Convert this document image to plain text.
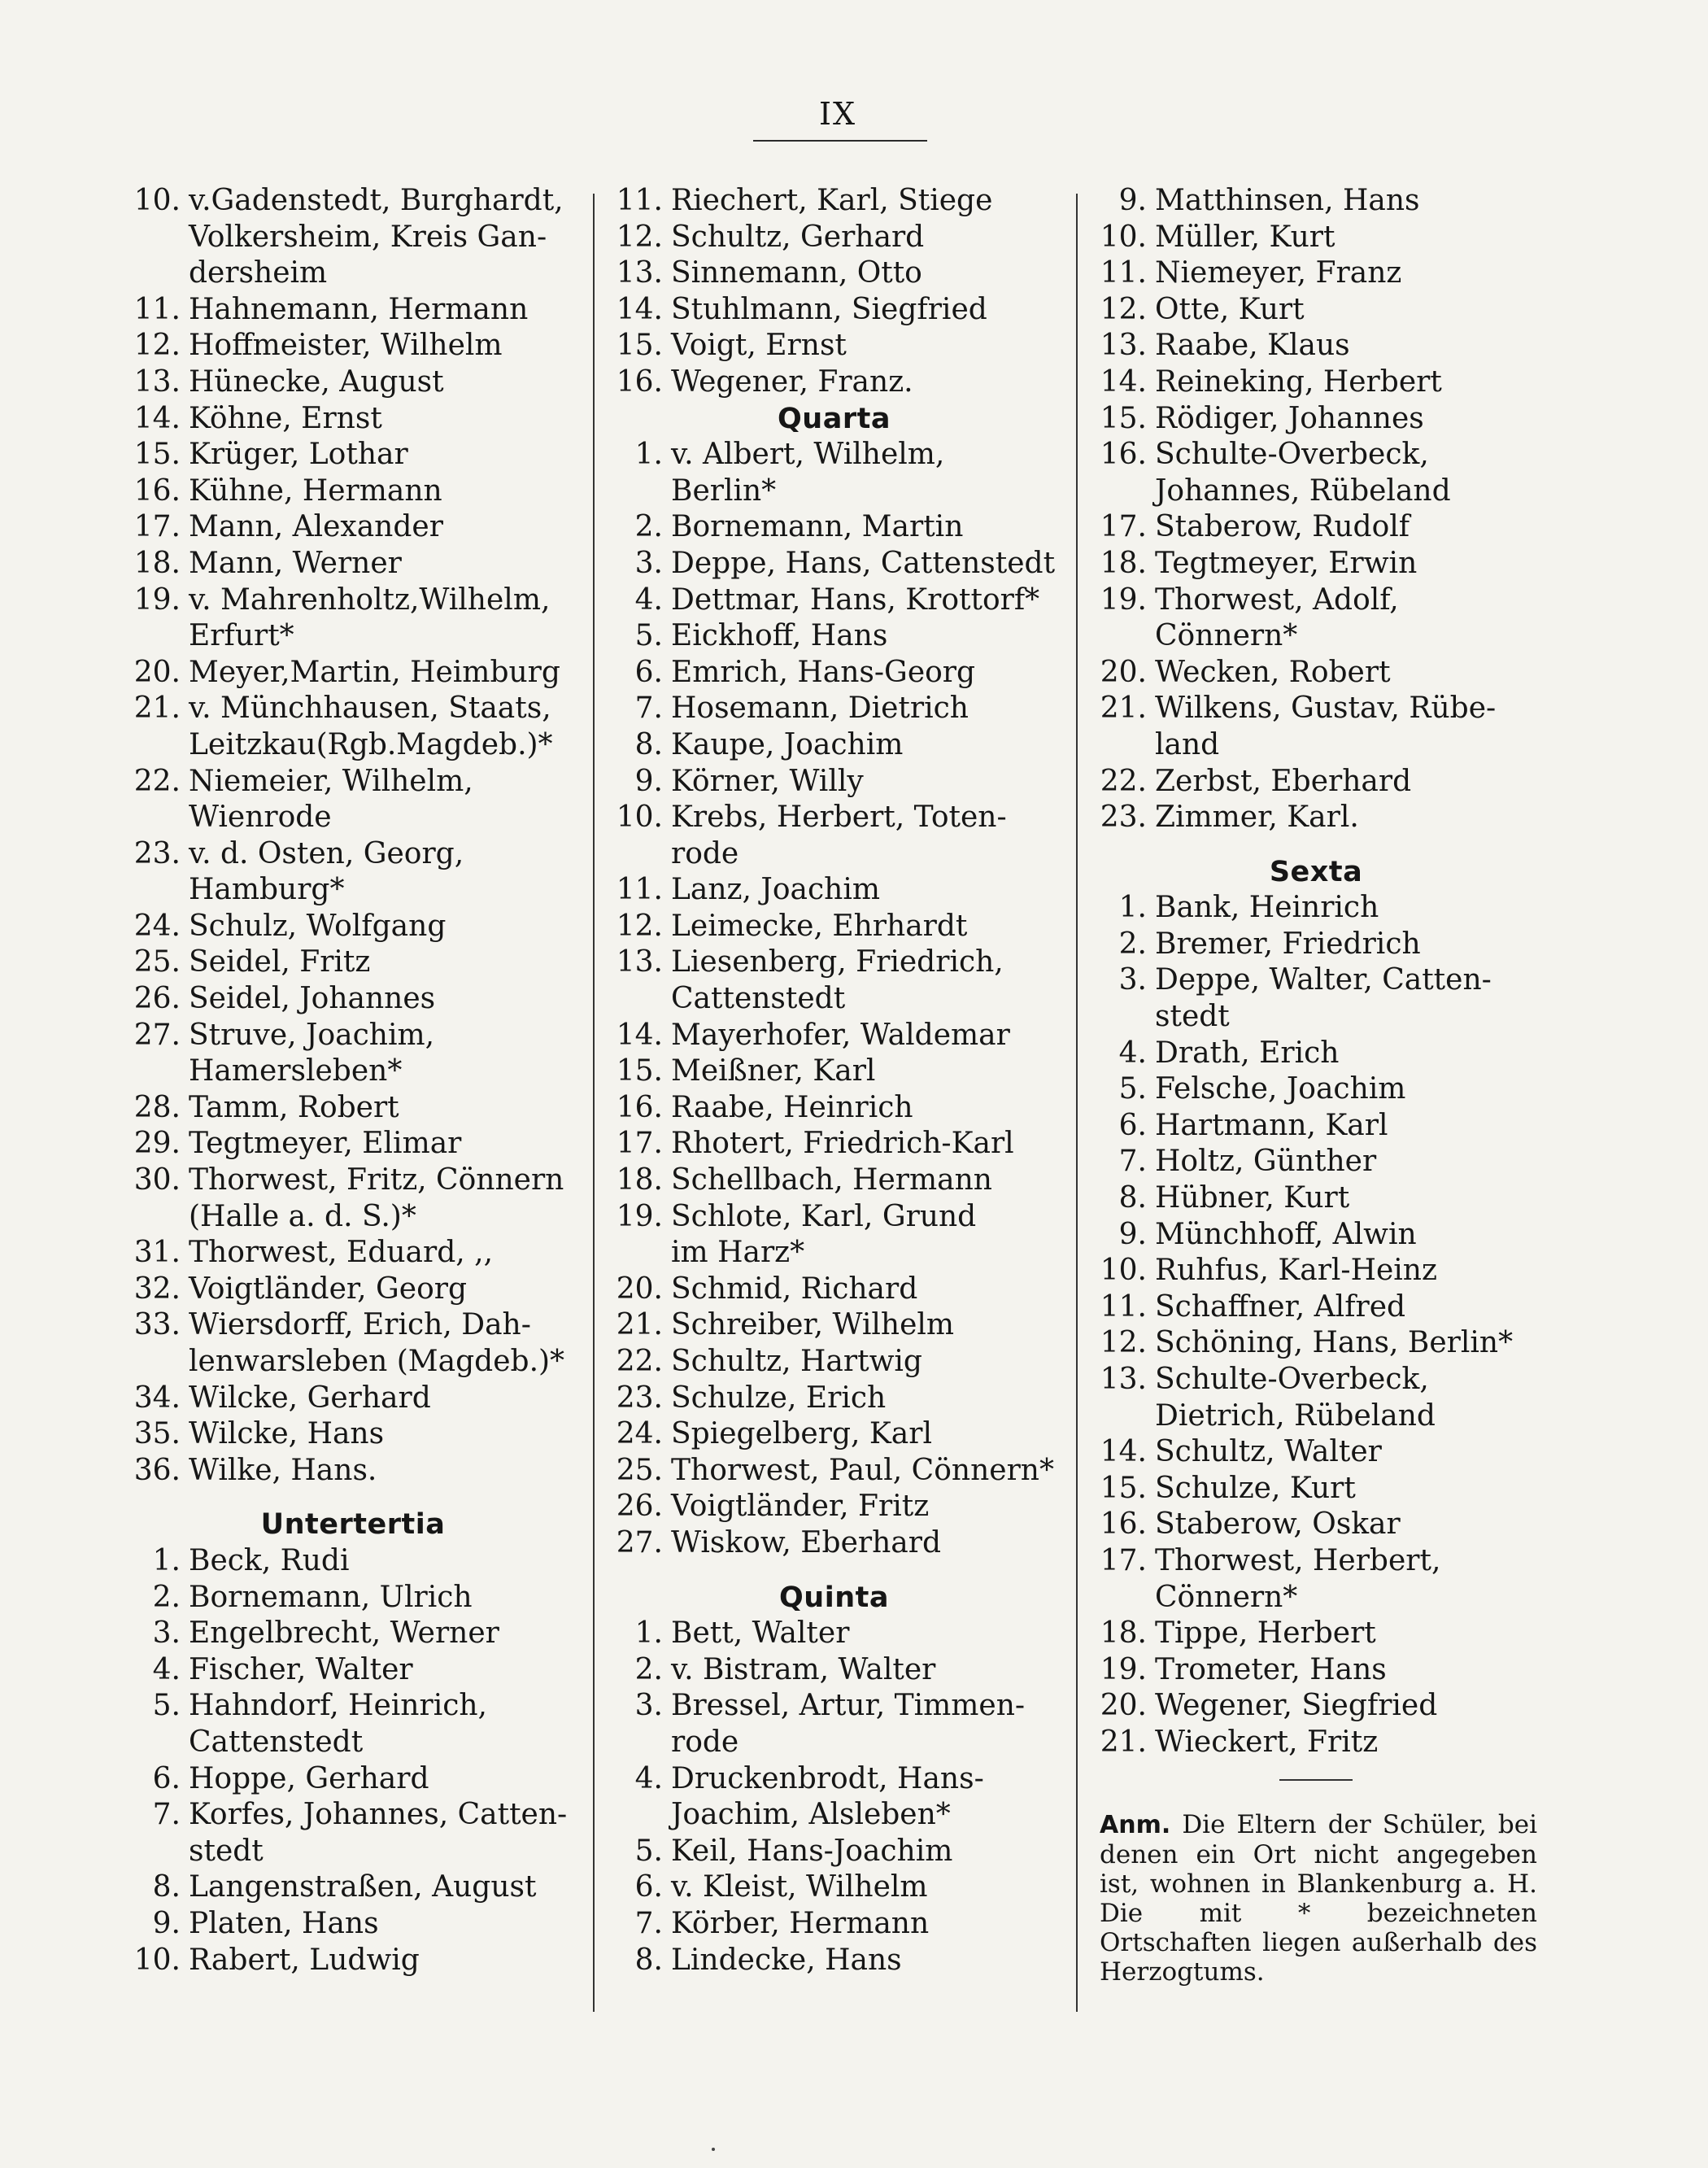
IX
10. v.Gadenstedt, Burghardt,
Volkersheim, Kreis Gan-
dersheim
11. Hahnemann, Hermann
12. Hoffmeister, Wilhelm
13. Hünecke, August
14. Köhne, Ernst
15. Krüger, Lothar
16. Kühne, Hermann
17. Mann, Alexander
18. Mann, Werner
19. v. Mahrenholtz,Wilhelm,
Erfurt*
20. Meyer,Martin, Heimburg
21. v. Münchhausen, Staats,
Leitzkau(Rgb.Magdeb.)*
22. Niemeier, Wilhelm,
Wienrode
23. v. d. Osten, Georg,
Hamburg*
24. Schulz, Wolfgang
25. Seidel, Fritz
26. Seidel, Johannes
27. Struve, Joachim,
Hamersleben*
28. Tamm, Robert
29. Tegtmeyer, Elimar
30. Thorwest, Fritz, Cönnern
(Halle a. d. S.)*
31. Thorwest, Eduard, ,,
32. Voigtländer, Georg
33. Wiersdorff, Erich, Dah-
lenwarsleben (Magdeb.)*
34. Wilcke, Gerhard
35. Wilcke, Hans
36. Wilke, Hans.
Untertertia
1. Beck, Rudi
2. Bornemann, Ulrich
3. Engelbrecht, Werner
4. Fischer, Walter
5. Hahndorf, Heinrich,
Cattenstedt
6. Hoppe, Gerhard
7. Korfes, Johannes, Catten-
stedt
8. Langenstraßen, August
9. Platen, Hans
10. Rabert, Ludwig
11. Riechert, Karl, Stiege
12. Schultz, Gerhard
13. Sinnemann, Otto
14. Stuhlmann, Siegfried
15. Voigt, Ernst
16. Wegener, Franz.
Quarta
1. v. Albert, Wilhelm,
Berlin*
2. Bornemann, Martin
3. Deppe, Hans, Cattenstedt
4. Dettmar, Hans, Krottorf*
5. Eickhoff, Hans
6. Emrich, Hans-Georg
7. Hosemann, Dietrich
8. Kaupe, Joachim
9. Körner, Willy
10. Krebs, Herbert, Toten-
rode
11. Lanz, Joachim
12. Leimecke, Ehrhardt
13. Liesenberg, Friedrich,
Cattenstedt
14. Mayerhofer, Waldemar
15. Meißner, Karl
16. Raabe, Heinrich
17. Rhotert, Friedrich-Karl
18. Schellbach, Hermann
19. Schlote, Karl, Grund
im Harz*
20. Schmid, Richard
21. Schreiber, Wilhelm
22. Schultz, Hartwig
23. Schulze, Erich
24. Spiegelberg, Karl
25. Thorwest, Paul, Cönnern*
26. Voigtländer, Fritz
27. Wiskow, Eberhard
Quinta
1. Bett, Walter
2. v. Bistram, Walter
3. Bressel, Artur, Timmen-
rode
4. Druckenbrodt, Hans-
Joachim, Alsleben*
5. Keil, Hans-Joachim
6. v. Kleist, Wilhelm
7. Körber, Hermann
8. Lindecke, Hans
9. Matthinsen, Hans
10. Müller, Kurt
11. Niemeyer, Franz
12. Otte, Kurt
13. Raabe, Klaus
14. Reineking, Herbert
15. Rödiger, Johannes
16. Schulte-Overbeck,
Johannes, Rübeland
17. Staberow, Rudolf
18. Tegtmeyer, Erwin
19. Thorwest, Adolf,
Cönnern*
20. Wecken, Robert
21. Wilkens, Gustav, Rübe-
land
22. Zerbst, Eberhard
23. Zimmer, Karl.
Sexta
1. Bank, Heinrich
2. Bremer, Friedrich
3. Deppe, Walter, Catten-
stedt
4. Drath, Erich
5. Felsche, Joachim
6. Hartmann, Karl
7. Holtz, Günther
8. Hübner, Kurt
9. Münchhoff, Alwin
10. Ruhfus, Karl-Heinz
11. Schaffner, Alfred
12. Schöning, Hans, Berlin*
13. Schulte-Overbeck,
Dietrich, Rübeland
14. Schultz, Walter
15. Schulze, Kurt
16. Staberow, Oskar
17. Thorwest, Herbert,
Cönnern*
18. Tippe, Herbert
19. Trometer, Hans
20. Wegener, Siegfried
21. Wieckert, Fritz
Anm. Die Eltern der Schüler, bei denen ein Ort nicht angegeben ist, wohnen in Blankenburg a. H. Die mit * bezeichneten Ortschaften liegen außerhalb des Herzogtums.
